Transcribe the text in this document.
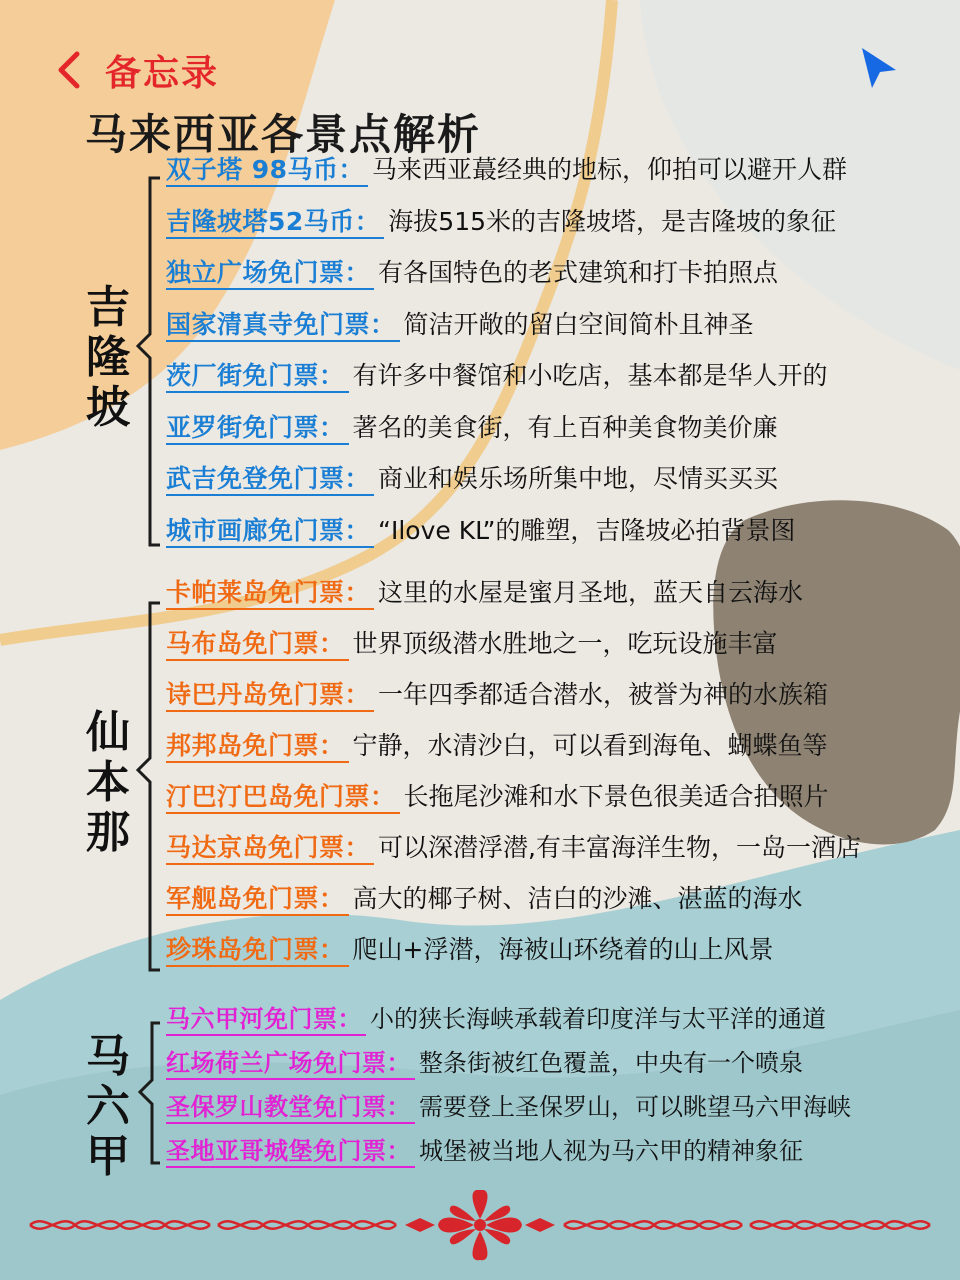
备忘录
马来西亚各景点解析
吉
隆
坡
双子塔 98马币： 马来西亚蕞经典的地标，仰拍可以避开人群
吉隆坡塔52马币： 海拔515米的吉隆坡塔，是吉隆坡的象征
独立广场免门票： 有各国特色的老式建筑和打卡拍照点
国家清真寺免门票： 简洁开敞的留白空间简朴且神圣
茨厂街免门票： 有许多中餐馆和小吃店，基本都是华人开的
亚罗街免门票： 著名的美食街，有上百种美食物美价廉
武吉免登免门票： 商业和娱乐场所集中地，尽情买买买
城市画廊免门票： “Ilove KL”的雕塑，吉隆坡必拍背景图
仙
本
那
卡帕莱岛免门票： 这里的水屋是蜜月圣地，蓝天自云海水
马布岛免门票： 世界顶级潜水胜地之一，吃玩设施丰富
诗巴丹岛免门票： 一年四季都适合潜水，被誉为神的水族箱
邦邦岛免门票： 宁静，水清沙白，可以看到海龟、蝴蝶鱼等
汀巴汀巴岛免门票： 长拖尾沙滩和水下景色很美适合拍照片
马达京岛免门票： 可以深潜浮潜,有丰富海洋生物，一岛一酒店
军舰岛免门票： 高大的椰子树、洁白的沙滩、湛蓝的海水
珍珠岛免门票： 爬山+浮潜，海被山环绕着的山上风景
马
六
甲
马六甲河免门票： 小的狭长海峡承载着印度洋与太平洋的通道
红场荷兰广场免门票： 整条街被红色覆盖，中央有一个喷泉
圣保罗山教堂免门票： 需要登上圣保罗山，可以眺望马六甲海峡
圣地亚哥城堡免门票： 城堡被当地人视为马六甲的精神象征
